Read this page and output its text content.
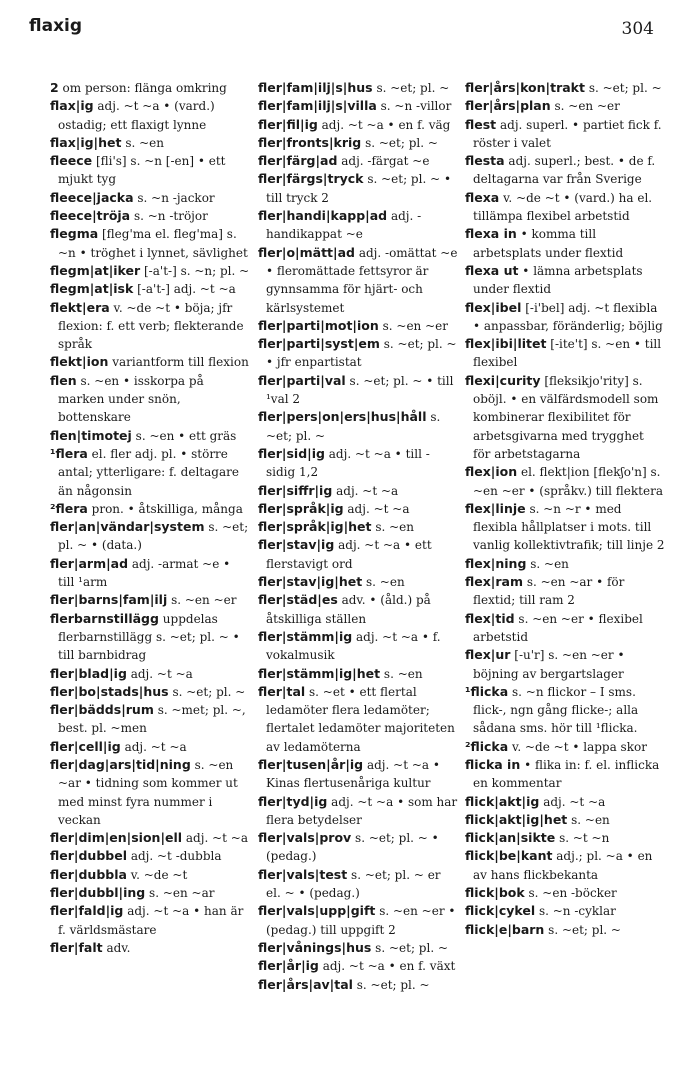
flaxig	304

2 om person: flänga omkring

flax|ig adj. ~t ~a • (vard.) ostadig; ett flaxigt lynne

flax|ig|het s. ~en

fleece [fli's] s. ~n [-en] • ett mjukt tyg

fleece|jacka s. ~n -jackor

fleece|tröja s. ~n -tröjor

flegma [fleg'ma el. fleg'ma] s. ~n • tröghet i lynnet, sävlighet

flegm|at|iker [-a't-] s. ~n; pl. ~

flegm|at|isk [-a't-] adj. ~t ~a

flekt|era v. ~de ~t • böja; jfr flexion: f. ett verb; flekterande språk

flekt|ion variantform till flexion

flen s. ~en • isskorpa på marken under snön, bottenskare

flen|timotej s. ~en • ett gräs

¹flera el. fler adj. pl. • större antal; ytterligare: f. deltagare än någonsin

²flera pron. • åtskilliga, många

fler|an|vändar|system s. ~et; pl. ~ • (data.)

fler|arm|ad adj. -armat ~e • till ¹arm

fler|barns|fam|ilj s. ~en ~er

flerbarnstillägg uppdelas flerbarnstillägg s. ~et; pl. ~ • till barnbidrag

fler|blad|ig adj. ~t ~a

fler|bo|stads|hus s. ~et; pl. ~

fler|bädds|rum s. ~met; pl. ~, best. pl. ~men

fler|cell|ig adj. ~t ~a

fler|dag|ars|tid|ning s. ~en ~ar • tidning som kommer ut med minst fyra nummer i veckan

fler|dim|en|sion|ell adj. ~t ~a

fler|dubbel adj. ~t -dubbla

fler|dubbla v. ~de ~t

fler|dubbl|ing s. ~en ~ar

fler|fald|ig adj. ~t ~a • han är f. världsmästare

fler|falt adv.

fler|fam|ilj|s|hus s. ~et; pl. ~

fler|fam|ilj|s|villa s. ~n -villor

fler|fil|ig adj. ~t ~a • en f. väg

fler|fronts|krig s. ~et; pl. ~

fler|färg|ad adj. -färgat ~e

fler|färgs|tryck s. ~et; pl. ~ • till tryck 2

fler|handi|kapp|ad adj. -handikappat ~e

fler|o|mätt|ad adj. -omättat ~e • fleromättade fettsyror är gynnsamma för hjärt- och kärlsystemet

fler|parti|mot|ion s. ~en ~er

fler|parti|syst|em s. ~et; pl. ~ • jfr enpartistat

fler|parti|val s. ~et; pl. ~ • till ¹val 2

fler|pers|on|ers|hus|håll s. ~et; pl. ~

fler|sid|ig adj. ~t ~a • till -sidig 1,2

fler|siffr|ig adj. ~t ~a

fler|språk|ig adj. ~t ~a

fler|språk|ig|het s. ~en

fler|stav|ig adj. ~t ~a • ett flerstavigt ord

fler|stav|ig|het s. ~en

fler|städ|es adv. • (åld.) på åtskilliga ställen

fler|stämm|ig adj. ~t ~a • f. vokalmusik

fler|stämm|ig|het s. ~en

fler|tal s. ~et • ett flertal ledamöter flera ledamöter; flertalet ledamöter majoriteten av ledamöterna

fler|tusen|år|ig adj. ~t ~a • Kinas flertusenåriga kultur

fler|tyd|ig adj. ~t ~a • som har flera betydelser

fler|vals|prov s. ~et; pl. ~ • (pedag.)

fler|vals|test s. ~et; pl. ~ er el. ~ • (pedag.)

fler|vals|upp|gift s. ~en ~er • (pedag.) till uppgift 2

fler|vånings|hus s. ~et; pl. ~

fler|år|ig adj. ~t ~a • en f. växt

fler|års|av|tal s. ~et; pl. ~

fler|års|kon|trakt s. ~et; pl. ~

fler|års|plan s. ~en ~er

flest adj. superl. • partiet fick f. röster i valet

flesta adj. superl.; best. • de f. deltagarna var från Sverige

flexa v. ~de ~t • (vard.) ha el. tillämpa flexibel arbetstid

flexa in • komma till arbetsplats under flextid

flexa ut • lämna arbetsplats under flextid

flex|ibel [-i'bel] adj. ~t flexibla • anpassbar, föränderlig; böjlig

flex|ibi|litet [-ite't] s. ~en • till flexibel

flexi|curity [fleksikjo'rity] s. oböjl. • en välfärdsmodell som kombinerar flexibilitet för arbetsgivarna med trygghet för arbetstagarna

flex|ion el. flekt|ion [flekʃo'n] s. ~en ~er • (språkv.) till flektera

flex|linje s. ~n ~r • med flexibla hållplatser i mots. till vanlig kollektivtrafik; till linje 2

flex|ning s. ~en

flex|ram s. ~en ~ar • för flextid; till ram 2

flex|tid s. ~en ~er • flexibel arbetstid

flex|ur [-u'r] s. ~en ~er • böjning av bergartslager

¹flicka s. ~n flickor – I sms. flick-, ngn gång flicke-; alla sådana sms. hör till ¹flicka.

²flicka v. ~de ~t • lappa skor

flicka in • flika in: f. el. inflicka en kommentar

flick|akt|ig adj. ~t ~a

flick|akt|ig|het s. ~en

flick|an|sikte s. ~t ~n

flick|be|kant adj.; pl. ~a • en av hans flickbekanta

flick|bok s. ~en -böcker

flick|cykel s. ~n -cyklar

flick|e|barn s. ~et; pl. ~
